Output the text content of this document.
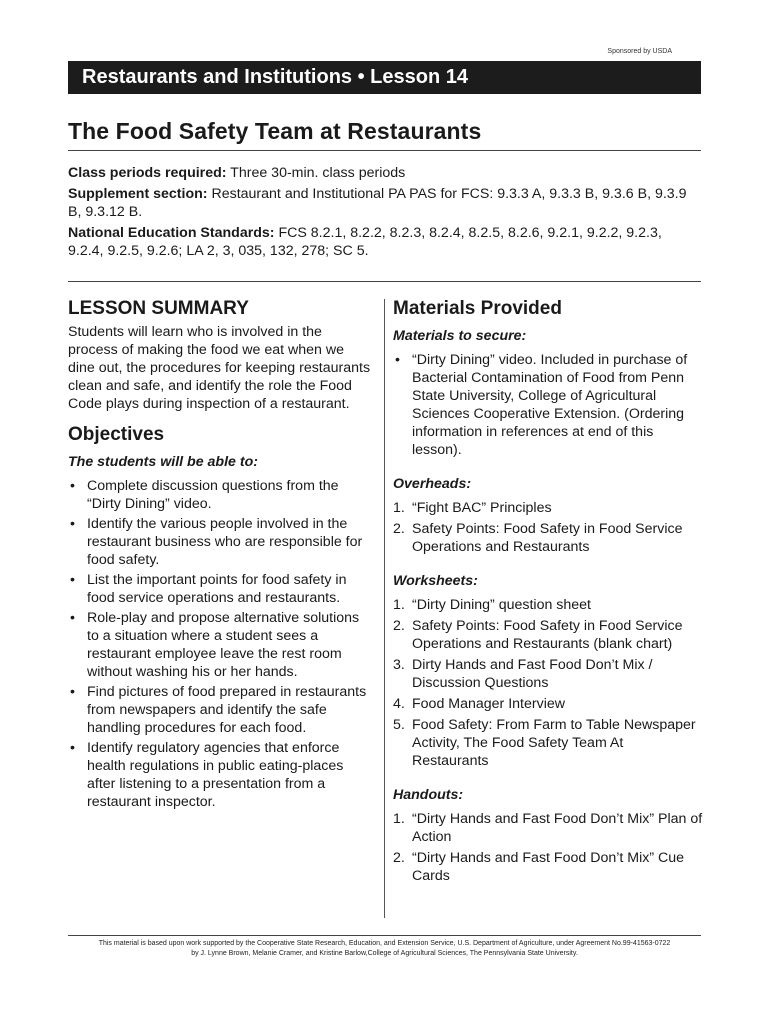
Sponsored by USDA
Restaurants and Institutions • Lesson 14
The Food Safety Team at Restaurants

Class periods required: Three 30-min. class periods

Supplement section: Restaurant and Institutional PA PAS for FCS: 9.3.3 A, 9.3.3 B, 9.3.6 B, 9.3.9 B, 9.3.12 B.

National Education Standards: FCS 8.2.1, 8.2.2, 8.2.3, 8.2.4, 8.2.5, 8.2.6, 9.2.1, 9.2.2, 9.2.3, 9.2.4, 9.2.5, 9.2.6; LA 2, 3, 035, 132, 278; SC 5.

LESSON SUMMARY

Students will learn who is involved in the process of making the food we eat when we dine out, the procedures for keeping restaurants clean and safe, and identify the role the Food Code plays during inspection of a restaurant.

Objectives

The students will be able to:

• Complete discussion questions from the “Dirty Dining” video.
• Identify the various people involved in the restaurant business who are responsible for food safety.
• List the important points for food safety in food service operations and restaurants.
• Role-play and propose alternative solutions to a situation where a student sees a restaurant employee leave the rest room without washing his or her hands.
• Find pictures of food prepared in restaurants from newspapers and identify the safe handling procedures for each food.
• Identify regulatory agencies that enforce health regulations in public eating-places after listening to a presentation from a restaurant inspector.
Materials Provided

Materials to secure:

• “Dirty Dining” video. Included in purchase of Bacterial Contamination of Food from Penn State University, College of Agricultural Sciences Cooperative Extension. (Ordering information in references at end of this lesson).

Overheads:

1. “Fight BAC” Principles
2. Safety Points: Food Safety in Food Service Operations and Restaurants

Worksheets:

1. “Dirty Dining” question sheet
2. Safety Points: Food Safety in Food Service Operations and Restaurants (blank chart)
3. Dirty Hands and Fast Food Don’t Mix / Discussion Questions
4. Food Manager Interview
5. Food Safety: From Farm to Table Newspaper Activity, The Food Safety Team At Restaurants

Handouts:

1. “Dirty Hands and Fast Food Don’t Mix” Plan of Action
2. “Dirty Hands and Fast Food Don’t Mix” Cue Cards
This material is based upon work supported by the Cooperative State Research, Education, and Extension Service, U.S. Department of Agriculture, under Agreement No.99-41563-0722
by J. Lynne Brown, Melanie Cramer, and Kristine Barlow,College of Agricultural Sciences, The Pennsylvania State University.
